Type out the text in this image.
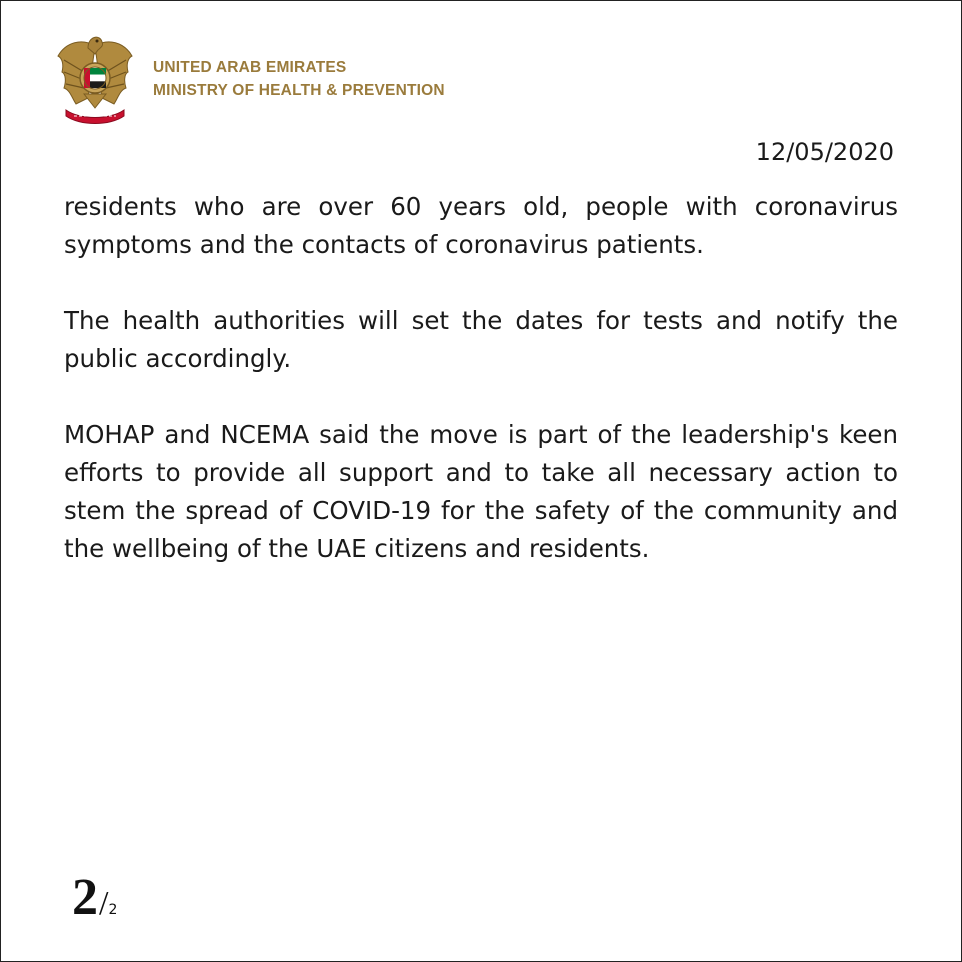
UNITED ARAB EMIRATES
MINISTRY OF HEALTH & PREVENTION
12/05/2020

residents who are over 60 years old, people with coronavirus symptoms and the contacts of coronavirus patients.

The health authorities will set the dates for tests and notify the public accordingly.

MOHAP and NCEMA said the move is part of the leadership's keen efforts to provide all support and to take all necessary action to stem the spread of COVID-19 for the safety of the community and the wellbeing of the UAE citizens and residents.

2/2
